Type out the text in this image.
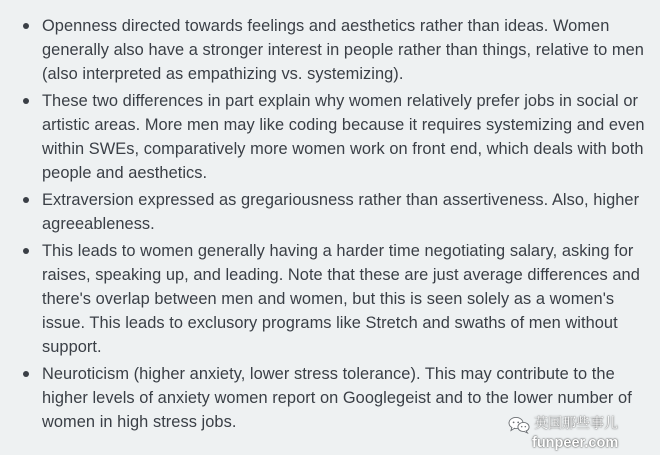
Openness directed towards feelings and aesthetics rather than ideas. Women generally also have a stronger interest in people rather than things, relative to men (also interpreted as empathizing vs. systemizing).
These two differences in part explain why women relatively prefer jobs in social or artistic areas. More men may like coding because it requires systemizing and even within SWEs, comparatively more women work on front end, which deals with both people and aesthetics.
Extraversion expressed as gregariousness rather than assertiveness. Also, higher agreeableness.
This leads to women generally having a harder time negotiating salary, asking for raises, speaking up, and leading. Note that these are just average differences and there's overlap between men and women, but this is seen solely as a women's issue. This leads to exclusory programs like Stretch and swaths of men without support.
Neuroticism (higher anxiety, lower stress tolerance). This may contribute to the higher levels of anxiety women report on Googlegeist and to the lower number of women in high stress jobs.	英国那些事儿
funpeer.com
